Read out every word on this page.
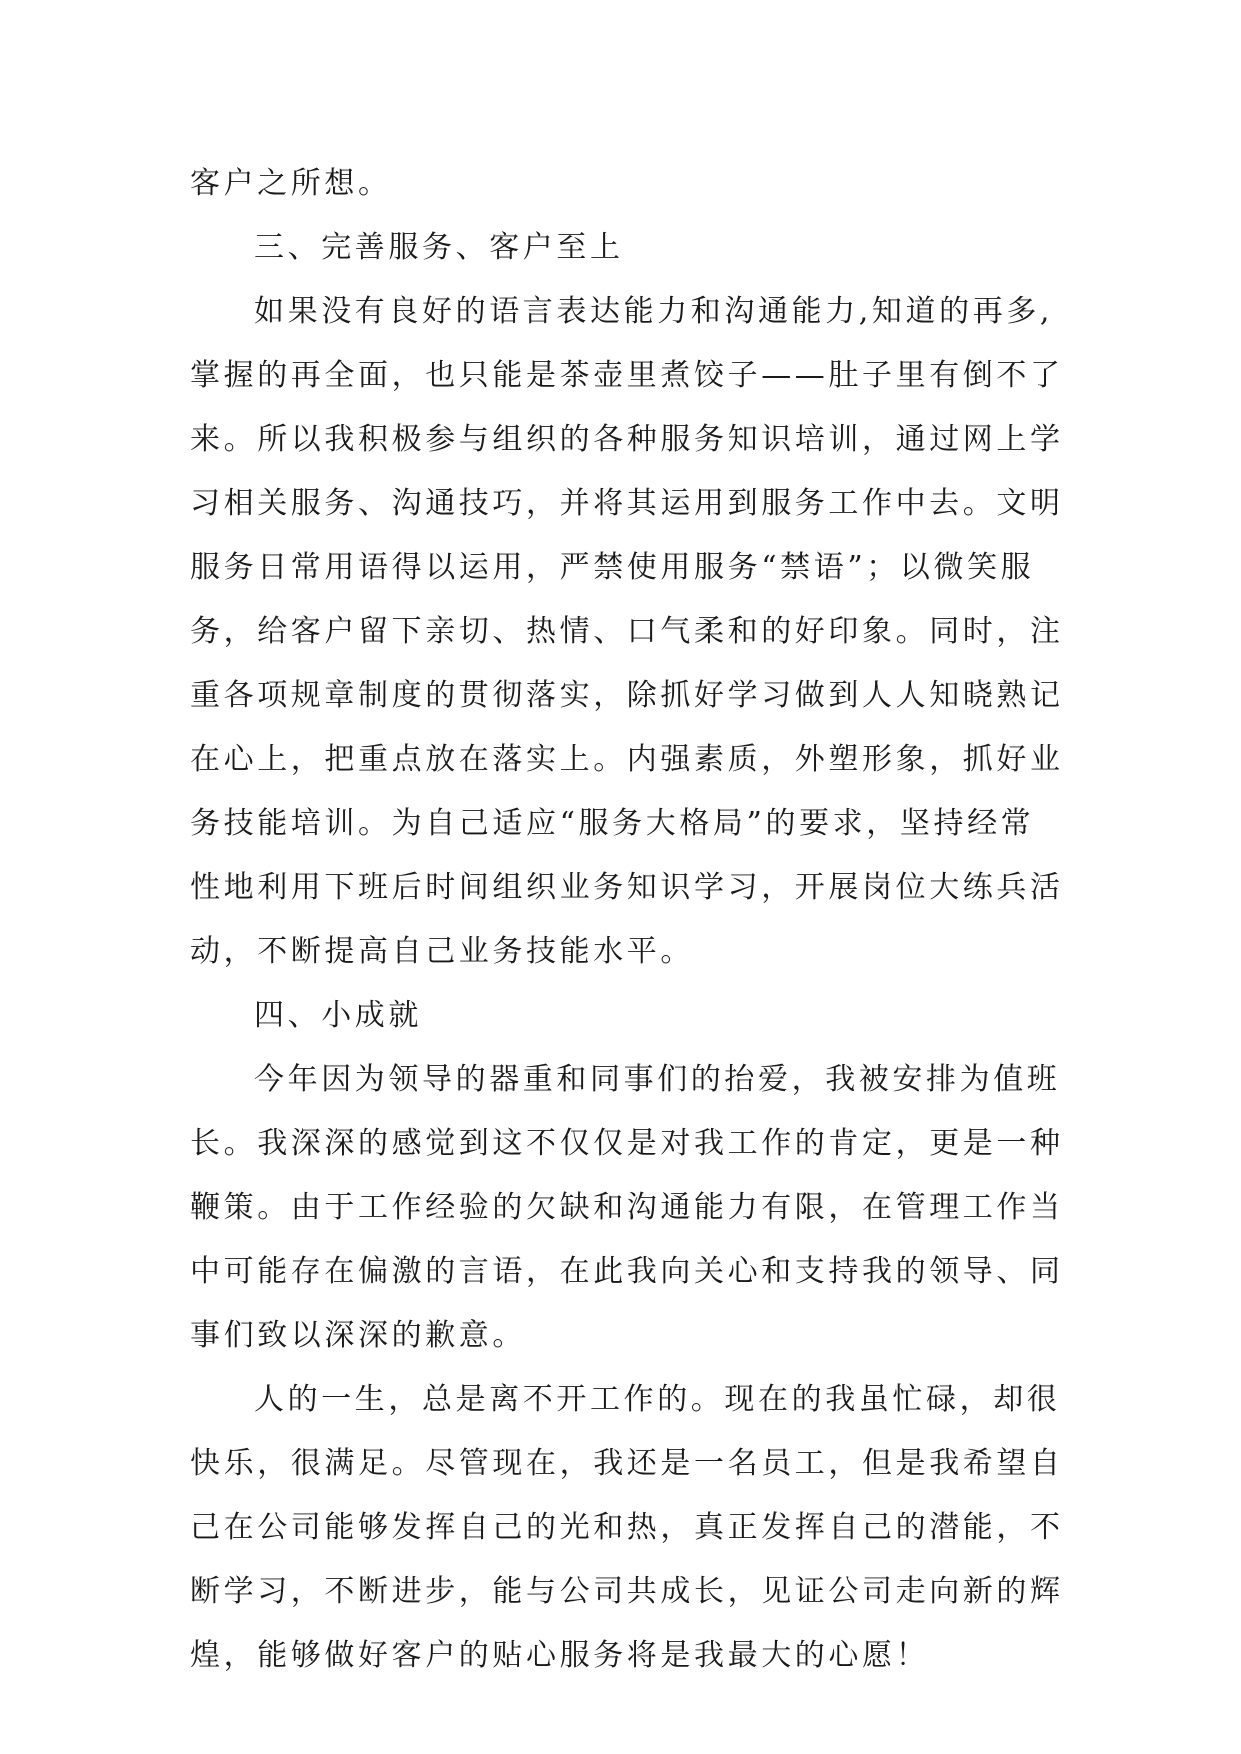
客户之所想。
三、完善服务、客户至上
如果没有良好的语言表达能力和沟通能力,知道的再多,
掌握的再全面，也只能是茶壶里煮饺子——肚子里有倒不了
来。所以我积极参与组织的各种服务知识培训，通过网上学
习相关服务、沟通技巧，并将其运用到服务工作中去。文明
服务日常用语得以运用，严禁使用服务“禁语”；以微笑服
务，给客户留下亲切、热情、口气柔和的好印象。同时，注
重各项规章制度的贯彻落实，除抓好学习做到人人知晓熟记
在心上，把重点放在落实上。内强素质，外塑形象，抓好业
务技能培训。为自己适应“服务大格局”的要求，坚持经常
性地利用下班后时间组织业务知识学习，开展岗位大练兵活
动，不断提高自己业务技能水平。
四、小成就
今年因为领导的器重和同事们的抬爱，我被安排为值班
长。我深深的感觉到这不仅仅是对我工作的肯定，更是一种
鞭策。由于工作经验的欠缺和沟通能力有限，在管理工作当
中可能存在偏激的言语，在此我向关心和支持我的领导、同
事们致以深深的歉意。
人的一生，总是离不开工作的。现在的我虽忙碌，却很
快乐，很满足。尽管现在，我还是一名员工，但是我希望自
己在公司能够发挥自己的光和热，真正发挥自己的潜能，不
断学习，不断进步，能与公司共成长，见证公司走向新的辉
煌，能够做好客户的贴心服务将是我最大的心愿！
